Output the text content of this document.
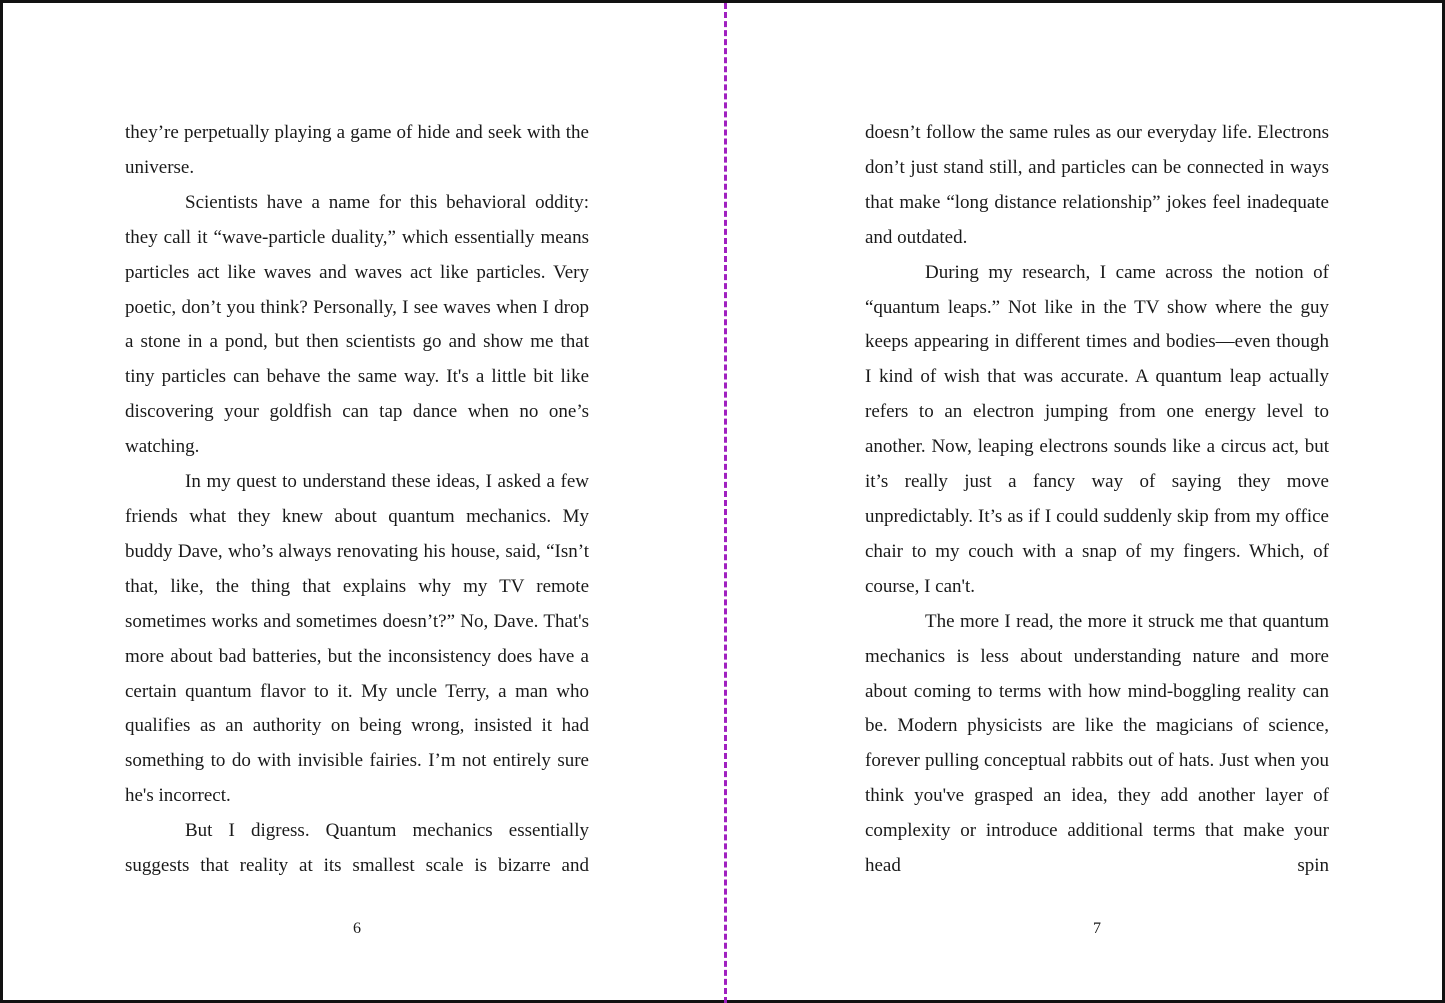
they’re perpetually playing a game of hide and seek with the universe.

Scientists have a name for this behavioral oddity: they call it “wave-particle duality,” which essentially means particles act like waves and waves act like particles. Very poetic, don’t you think? Personally, I see waves when I drop a stone in a pond, but then scientists go and show me that tiny particles can behave the same way. It's a little bit like discovering your goldfish can tap dance when no one’s watching.

In my quest to understand these ideas, I asked a few friends what they knew about quantum mechanics. My buddy Dave, who’s always renovating his house, said, “Isn’t that, like, the thing that explains why my TV remote sometimes works and sometimes doesn’t?” No, Dave. That's more about bad batteries, but the inconsistency does have a certain quantum flavor to it. My uncle Terry, a man who qualifies as an authority on being wrong, insisted it had something to do with invisible fairies. I’m not entirely sure he's incorrect.

But I digress. Quantum mechanics essentially suggests that reality at its smallest scale is bizarre and

6

doesn’t follow the same rules as our everyday life. Electrons don’t just stand still, and particles can be connected in ways that make “long distance relationship” jokes feel inadequate and outdated.

During my research, I came across the notion of “quantum leaps.” Not like in the TV show where the guy keeps appearing in different times and bodies—even though I kind of wish that was accurate. A quantum leap actually refers to an electron jumping from one energy level to another. Now, leaping electrons sounds like a circus act, but it’s really just a fancy way of saying they move unpredictably. It’s as if I could suddenly skip from my office chair to my couch with a snap of my fingers. Which, of course, I can't.

The more I read, the more it struck me that quantum mechanics is less about understanding nature and more about coming to terms with how mind-boggling reality can be. Modern physicists are like the magicians of science, forever pulling conceptual rabbits out of hats. Just when you think you've grasped an idea, they add another layer of complexity or introduce additional terms that make your head spin

7
